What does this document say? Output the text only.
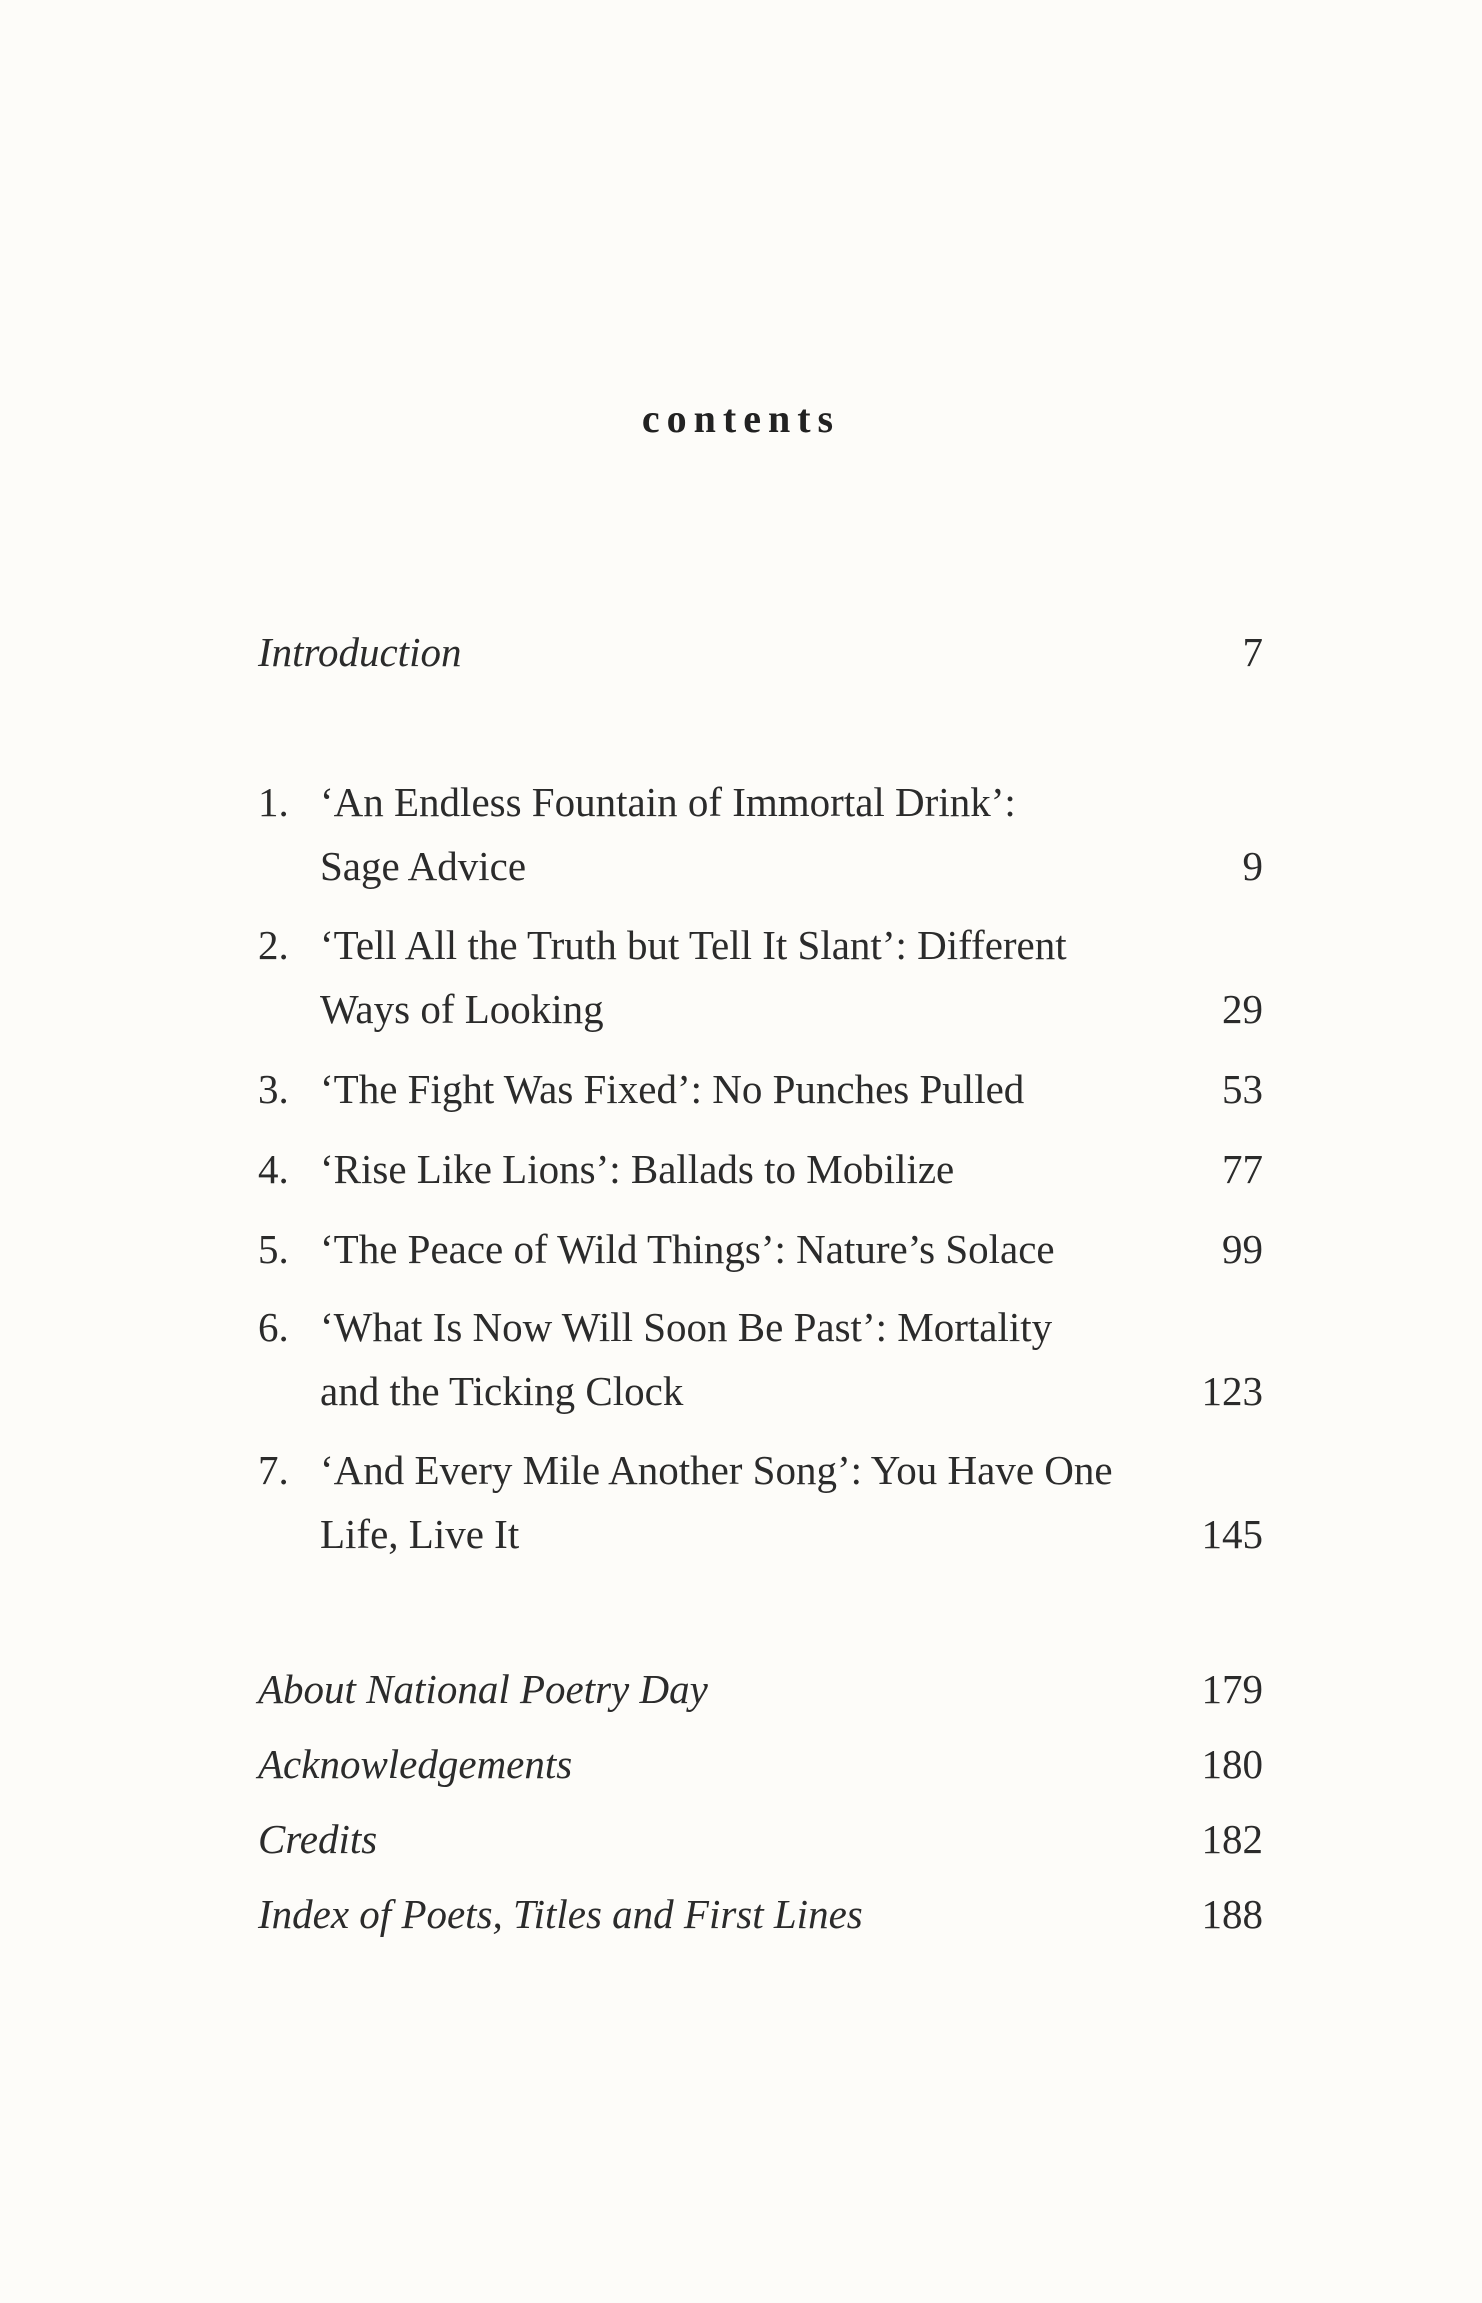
contents
Introduction	7
1. ‘An Endless Fountain of Immortal Drink’:
Sage Advice	9
2. ‘Tell All the Truth but Tell It Slant’: Different
Ways of Looking	29
3. ‘The Fight Was Fixed’: No Punches Pulled	53
4. ‘Rise Like Lions’: Ballads to Mobilize	77
5. ‘The Peace of Wild Things’: Nature’s Solace	99
6. ‘What Is Now Will Soon Be Past’: Mortality
and the Ticking Clock	123
7. ‘And Every Mile Another Song’: You Have One
Life, Live It	145
About National Poetry Day	179
Acknowledgements	180
Credits	182
Index of Poets, Titles and First Lines	188
